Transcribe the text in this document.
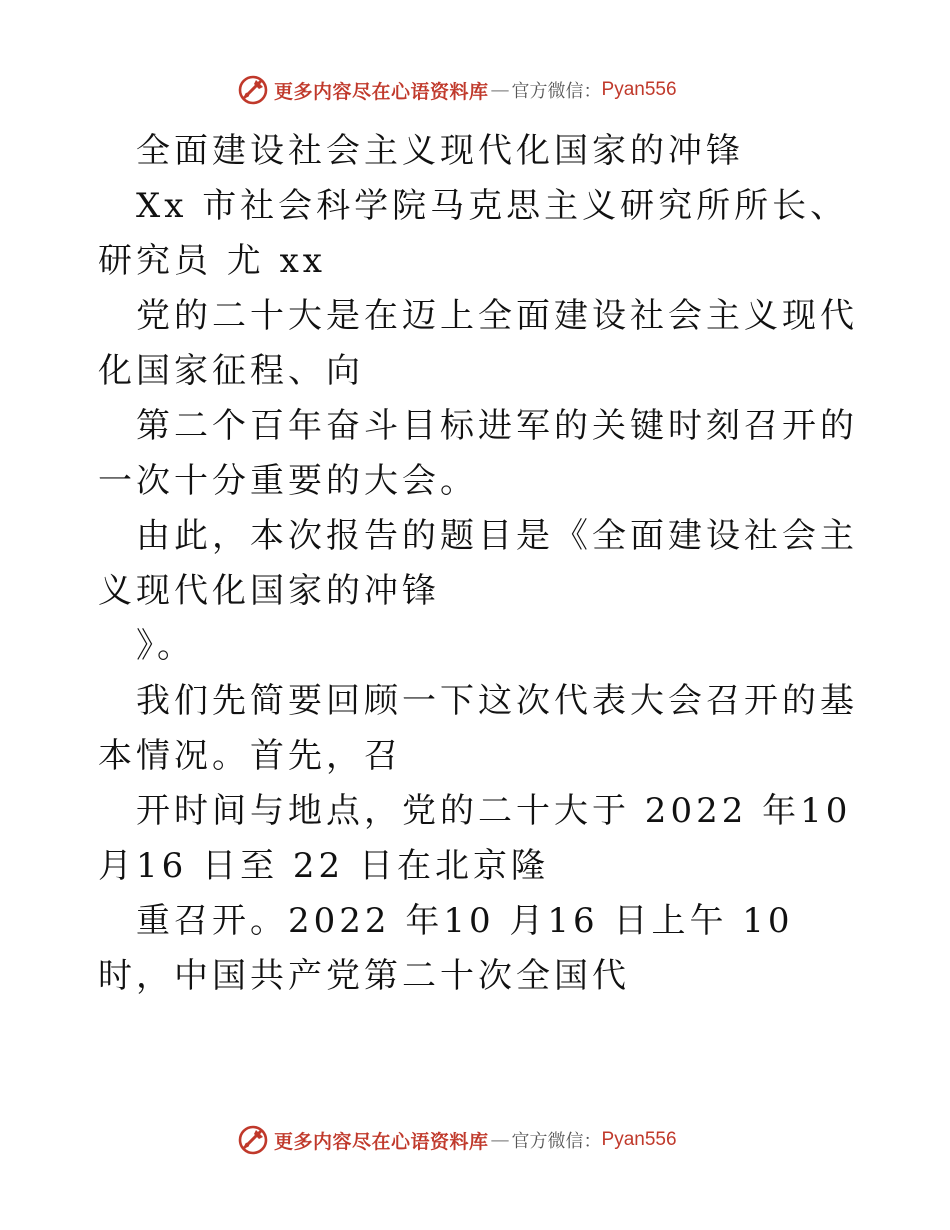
更多内容尽在心语资料库 — 官方微信： Pyan556

全面建设社会主义现代化国家的冲锋

Xx 市社会科学院马克思主义研究所所长、研究员 尤 xx

党的二十大是在迈上全面建设社会主义现代化国家征程、向

第二个百年奋斗目标进军的关键时刻召开的一次十分重要的大会。

由此，本次报告的题目是《全面建设社会主义现代化国家的冲锋

》。

我们先简要回顾一下这次代表大会召开的基本情况。首先，召

开时间与地点，党的二十大于 2022 年10 月16 日至 22 日在北京隆

重召开。2022 年10 月16 日上午 10 时，中国共产党第二十次全国代

更多内容尽在心语资料库 — 官方微信： Pyan556
